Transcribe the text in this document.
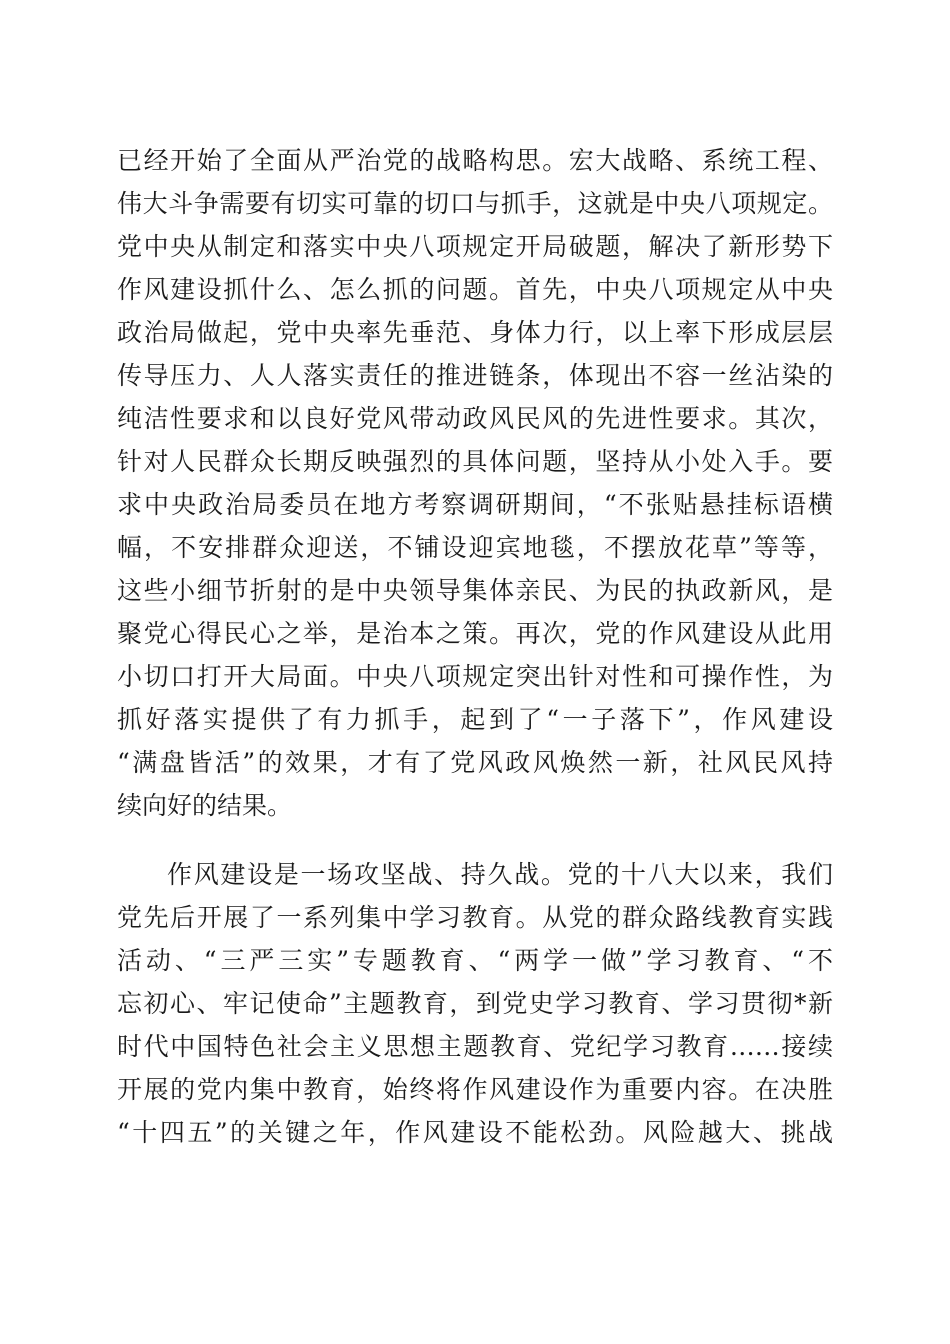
已经开始了全面从严治党的战略构思。宏大战略、系统工程、
伟大斗争需要有切实可靠的切口与抓手，这就是中央八项规定。
党中央从制定和落实中央八项规定开局破题，解决了新形势下
作风建设抓什么、怎么抓的问题。首先，中央八项规定从中央
政治局做起，党中央率先垂范、身体力行，以上率下形成层层
传导压力、人人落实责任的推进链条，体现出不容一丝沾染的
纯洁性要求和以良好党风带动政风民风的先进性要求。其次，
针对人民群众长期反映强烈的具体问题，坚持从小处入手。要
求中央政治局委员在地方考察调研期间，“不张贴悬挂标语横
幅，不安排群众迎送，不铺设迎宾地毯，不摆放花草”等等，
这些小细节折射的是中央领导集体亲民、为民的执政新风，是
聚党心得民心之举，是治本之策。再次，党的作风建设从此用
小切口打开大局面。中央八项规定突出针对性和可操作性，为
抓好落实提供了有力抓手，起到了“一子落下”，作风建设
“满盘皆活”的效果，才有了党风政风焕然一新，社风民风持
续向好的结果。
作风建设是一场攻坚战、持久战。党的十八大以来，我们
党先后开展了一系列集中学习教育。从党的群众路线教育实践
活动、“三严三实”专题教育、“两学一做”学习教育、“不
忘初心、牢记使命”主题教育，到党史学习教育、学习贯彻*新
时代中国特色社会主义思想主题教育、党纪学习教育……接续
开展的党内集中教育，始终将作风建设作为重要内容。在决胜
“十四五”的关键之年，作风建设不能松劲。风险越大、挑战
